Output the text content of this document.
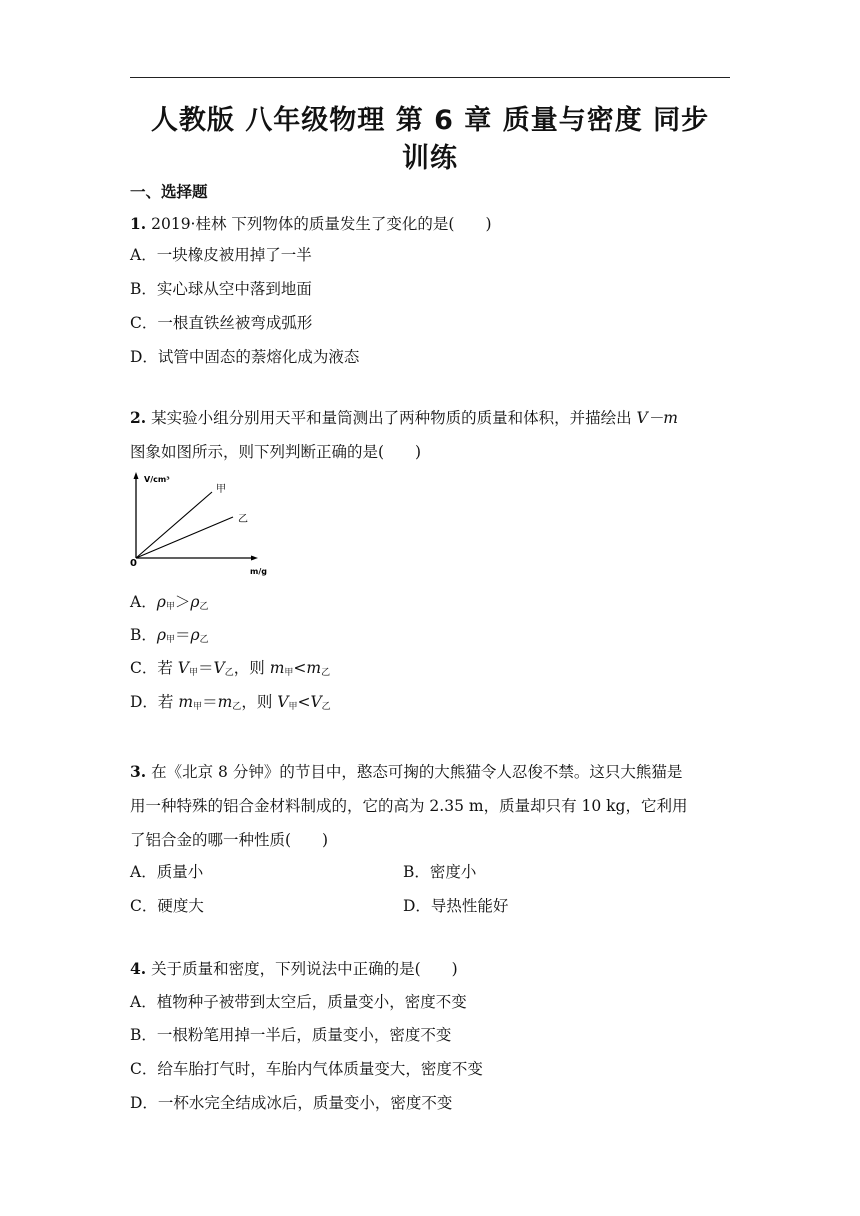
人教版 八年级物理 第 6 章 质量与密度 同步
训练
一、选择题
1. 2019·桂林 下列物体的质量发生了变化的是(　　)
A．一块橡皮被用掉了一半
B．实心球从空中落到地面
C．一根直铁丝被弯成弧形
D．试管中固态的萘熔化成为液态
2. 某实验小组分别用天平和量筒测出了两种物质的质量和体积，并描绘出 V－m
图象如图所示，则下列判断正确的是(　　)
V/cm³
m/g
0
甲
乙
A．$\rho_甲>\rho_乙$
B．$\rho_甲=\rho_乙$
C．若 $V_甲=V_乙$，则 $m_甲<m_乙$
D．若 $m_甲=m_乙$，则 $V_甲<V_乙$
3. 在《北京 8 分钟》的节目中，憨态可掬的大熊猫令人忍俊不禁。这只大熊猫是
用一种特殊的铝合金材料制成的，它的高为 2.35 m，质量却只有 10 kg，它利用
了铝合金的哪一种性质(　　)
A．质量小	B．密度小
C．硬度大	D．导热性能好
4. 关于质量和密度，下列说法中正确的是(　　)
A．植物种子被带到太空后，质量变小，密度不变
B．一根粉笔用掉一半后，质量变小，密度不变
C．给车胎打气时，车胎内气体质量变大，密度不变
D．一杯水完全结成冰后，质量变小，密度不变
